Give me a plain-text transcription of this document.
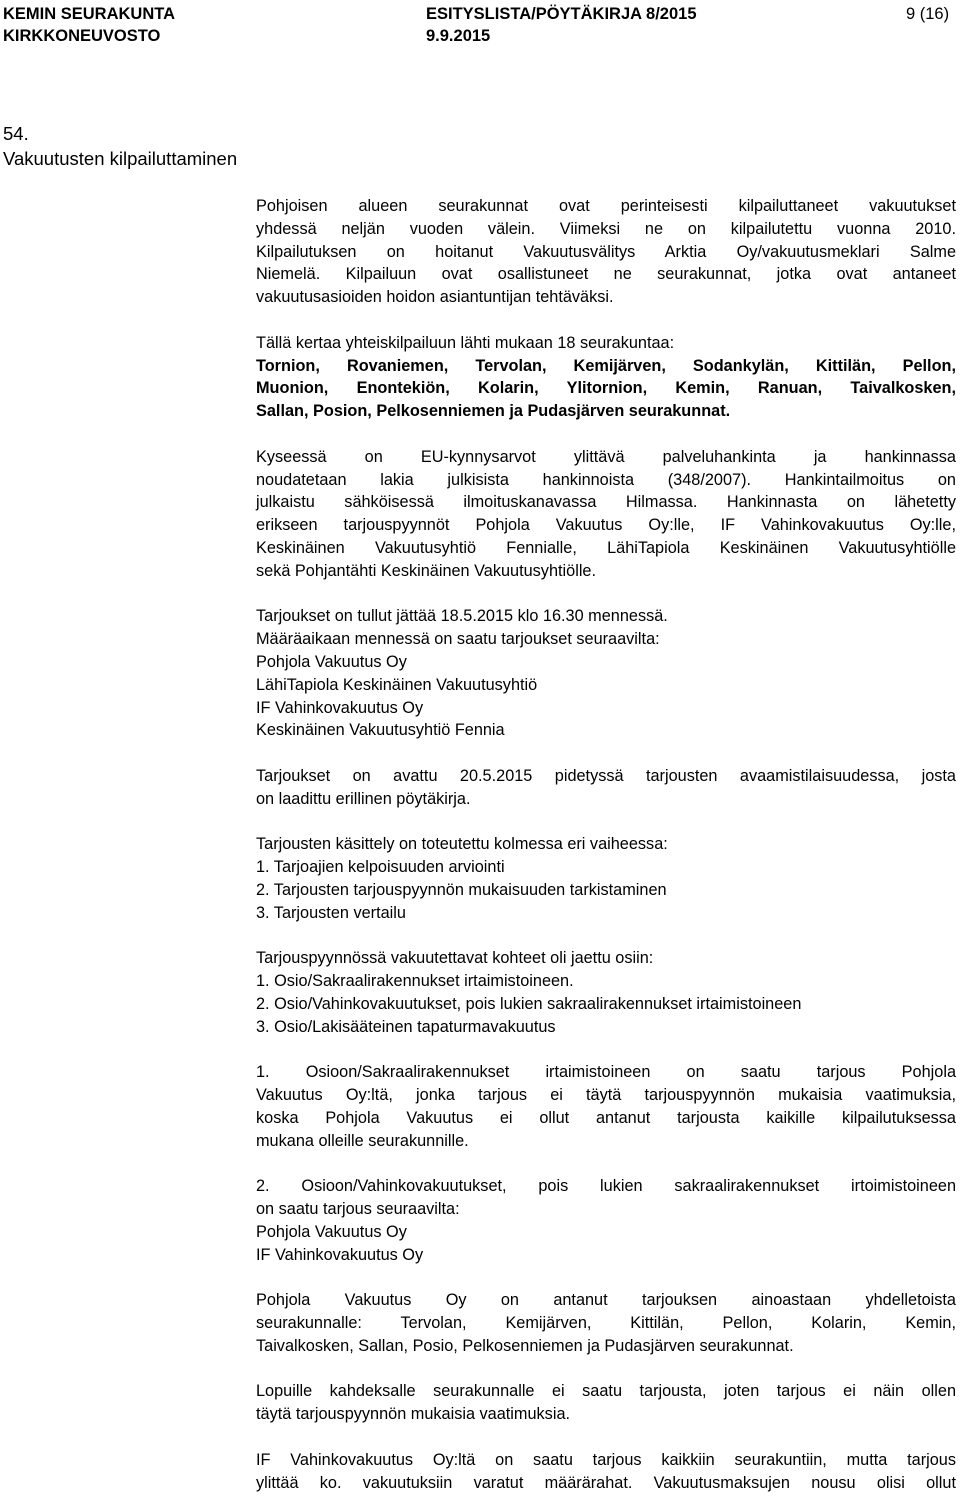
KEMIN SEURAKUNTA
KIRKKONEUVOSTO
ESITYSLISTA/PÖYTÄKIRJA 8/2015
9.9.2015
9 (16)
54.
Vakuutusten kilpailuttaminen

Pohjoisen alueen seurakunnat ovat perinteisesti kilpailuttaneet vakuutukset

yhdessä neljän vuoden välein. Viimeksi ne on kilpailutettu vuonna 2010.

Kilpailutuksen on hoitanut Vakuutusvälitys Arktia Oy/vakuutusmeklari Salme

Niemelä. Kilpailuun ovat osallistuneet ne seurakunnat, jotka ovat antaneet

vakuutusasioiden hoidon asiantuntijan tehtäväksi.

Tällä kertaa yhteiskilpailuun lähti mukaan 18 seurakuntaa:

Tornion, Rovaniemen, Tervolan, Kemijärven, Sodankylän, Kittilän, Pellon,

Muonion, Enontekiön, Kolarin, Ylitornion, Kemin, Ranuan, Taivalkosken,

Sallan, Posion, Pelkosenniemen ja Pudasjärven seurakunnat.

Kyseessä on EU-kynnysarvot ylittävä palveluhankinta ja hankinnassa

noudatetaan lakia julkisista hankinnoista (348/2007). Hankintailmoitus on

julkaistu sähköisessä ilmoituskanavassa Hilmassa. Hankinnasta on lähetetty

erikseen tarjouspyynnöt Pohjola Vakuutus Oy:lle, IF Vahinkovakuutus Oy:lle,

Keskinäinen Vakuutusyhtiö Fennialle, LähiTapiola Keskinäinen Vakuutusyhtiölle

sekä Pohjantähti Keskinäinen Vakuutusyhtiölle.

Tarjoukset on tullut jättää 18.5.2015 klo 16.30 mennessä.

Määräaikaan mennessä on saatu tarjoukset seuraavilta:

Pohjola Vakuutus Oy

LähiTapiola Keskinäinen Vakuutusyhtiö

IF Vahinkovakuutus Oy

Keskinäinen Vakuutusyhtiö Fennia

Tarjoukset on avattu 20.5.2015 pidetyssä tarjousten avaamistilaisuudessa, josta

on laadittu erillinen pöytäkirja.

Tarjousten käsittely on toteutettu kolmessa eri vaiheessa:

1. Tarjoajien kelpoisuuden arviointi

2. Tarjousten tarjouspyynnön mukaisuuden tarkistaminen

3. Tarjousten vertailu

Tarjouspyynnössä vakuutettavat kohteet oli jaettu osiin:

1. Osio/Sakraalirakennukset irtaimistoineen.

2. Osio/Vahinkovakuutukset, pois lukien sakraalirakennukset irtaimistoineen

3. Osio/Lakisääteinen tapaturmavakuutus

1. Osioon/Sakraalirakennukset irtaimistoineen on saatu tarjous Pohjola

Vakuutus Oy:ltä, jonka tarjous ei täytä tarjouspyynnön mukaisia vaatimuksia,

koska Pohjola Vakuutus ei ollut antanut tarjousta kaikille kilpailutuksessa

mukana olleille seurakunnille.

2. Osioon/Vahinkovakuutukset, pois lukien sakraalirakennukset irtoimistoineen

on saatu tarjous seuraavilta:

Pohjola Vakuutus Oy

IF Vahinkovakuutus Oy

Pohjola Vakuutus Oy on antanut tarjouksen ainoastaan yhdelletoista

seurakunnalle: Tervolan, Kemijärven, Kittilän, Pellon, Kolarin, Kemin,

Taivalkosken, Sallan, Posio, Pelkosenniemen ja Pudasjärven seurakunnat.

Lopuille kahdeksalle seurakunnalle ei saatu tarjousta, joten tarjous ei näin ollen

täytä tarjouspyynnön mukaisia vaatimuksia.

IF Vahinkovakuutus Oy:ltä on saatu tarjous kaikkiin seurakuntiin, mutta tarjous

ylittää ko. vakuutuksiin varatut määrärahat. Vakuutusmaksujen nousu olisi ollut
